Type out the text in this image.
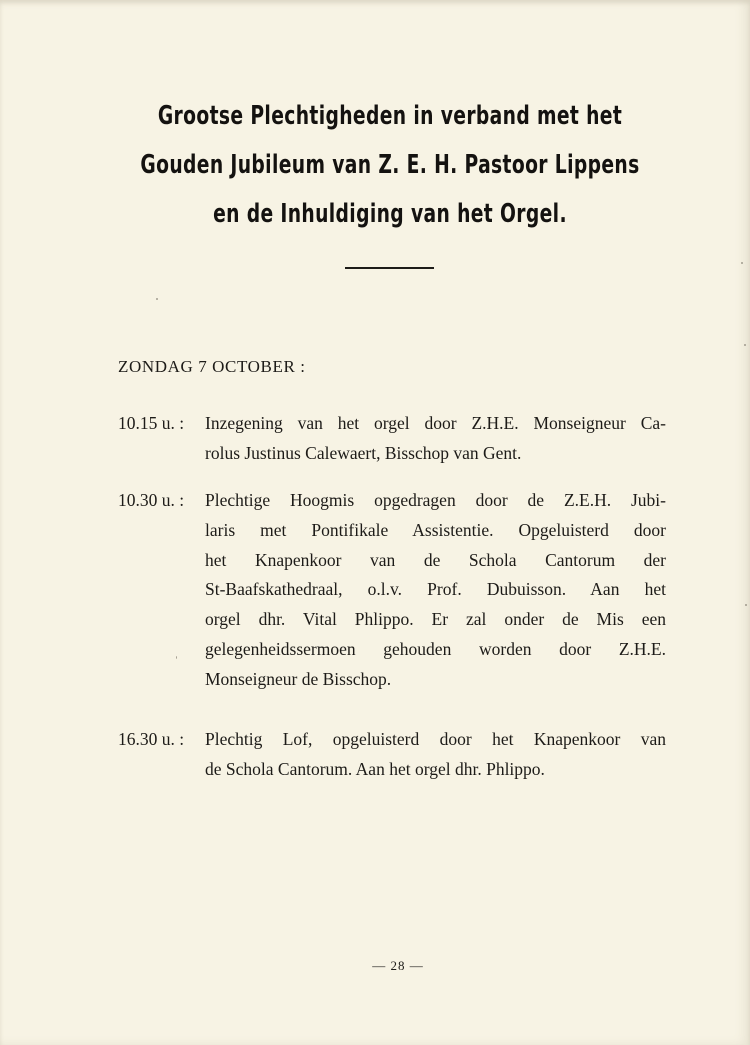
Grootse Plechtigheden in verband met het
Gouden Jubileum van Z. E. H. Pastoor Lippens
en de Inhuldiging van het Orgel.
ZONDAG 7 OCTOBER :
10.15 u. : Inzegening van het orgel door Z.H.E. Monseigneur Ca-
rolus Justinus Calewaert, Bisschop van Gent.
10.30 u. : Plechtige Hoogmis opgedragen door de Z.E.H. Jubi-
laris met Pontifikale Assistentie. Opgeluisterd door
het Knapenkoor van de Schola Cantorum der
St-Baafskathedraal, o.l.v. Prof. Dubuisson. Aan het
orgel dhr. Vital Phlippo. Er zal onder de Mis een
gelegenheidssermoen gehouden worden door Z.H.E.
Monseigneur de Bisschop.
16.30 u. : Plechtig Lof, opgeluisterd door het Knapenkoor van
de Schola Cantorum. Aan het orgel dhr. Phlippo.
— 28 —
